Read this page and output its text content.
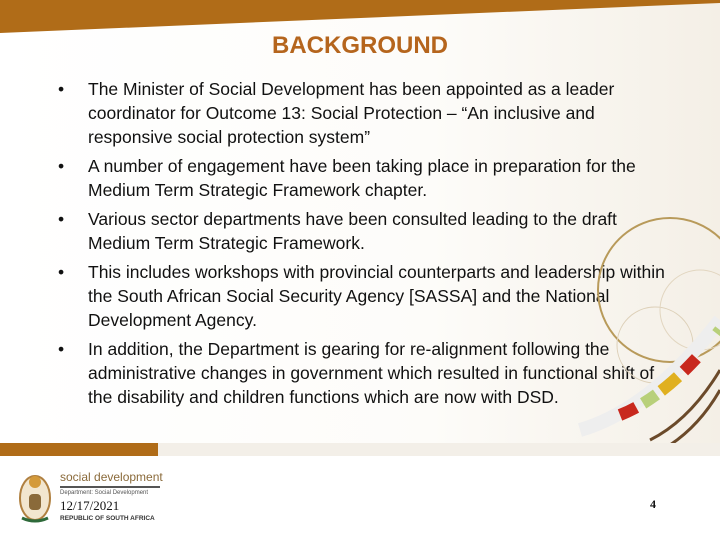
BACKGROUND
• The Minister of Social Development has been appointed as a leader coordinator for Outcome 13: Social Protection – “An inclusive and responsive social protection system”
• A number of engagement have been taking place in preparation for the Medium Term Strategic Framework chapter.
• Various sector departments have been consulted leading to the draft Medium Term Strategic Framework.
• This includes workshops with provincial counterparts and leadership within the South African Social Security Agency [SASSA] and the National Development Agency.
• In addition, the Department is gearing for re-alignment following the administrative changes in government which resulted in functional shift of the disability and children functions which are now with DSD.
social development
Department: Social Development
12/17/2021
REPUBLIC OF SOUTH AFRICA
4
